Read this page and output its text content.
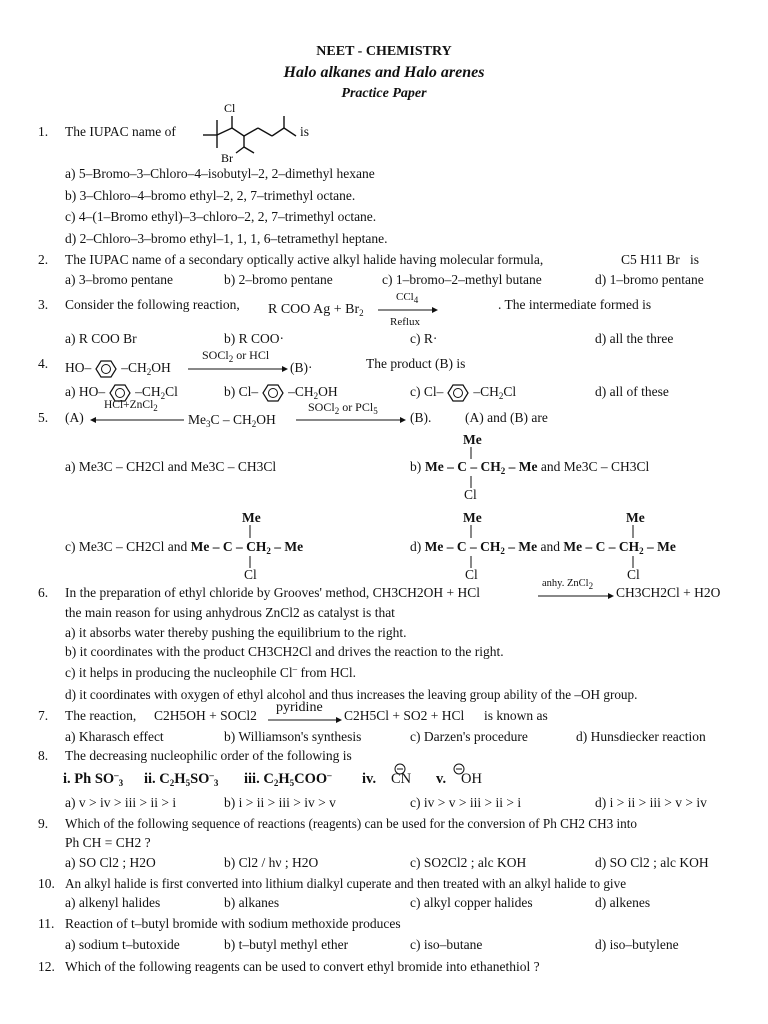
NEET - CHEMISTRY
Halo alkanes and Halo arenes
Practice Paper
1. The IUPAC name of
Cl
Br
is
a) 5–Bromo–3–Chloro–4–isobutyl–2, 2–dimethyl hexane
b) 3–Chloro–4–bromo ethyl–2, 2, 7–trimethyl octane.
c) 4–(1–Bromo ethyl)–3–chloro–2, 2, 7–trimethyl octane.
d) 2–Chloro–3–bromo ethyl–1, 1, 1, 6–tetramethyl heptane.
2. The IUPAC name of a secondary optically active alkyl halide having molecular formula,	C5 H11 Br is
a) 3–bromo pentane	b) 2–bromo pentane	c) 1–bromo–2–methyl butane	d) 1–bromo pentane
3. Consider the following reaction, R COO $Ag + Br_2$
CCl$_4$
Reflux
. The intermediate formed is
a) R COO Br	b) R COO·	c) R·	d) all the three
4. HO– $-CH_2OH$
SOCl$_2$ or HCl
(B)·	The product (B) is
a) HO– $-CH_2Cl$	b) Cl– $-CH_2OH$	c) Cl– $-CH_2Cl$	d) all of these
5. (A)
HCl+ZnCl$_2$
$Me_3C - CH_2OH$
SOCl$_2$ or PCl$_5$ (B). (A) and (B) are
a) Me3C – CH2Cl and Me3C – CH3Cl	b)
Me
Me – C – $CH_2$ – Me and Me3C – CH3Cl
Cl
c) Me3C – CH2Cl and Me – C – $CH_2$ – Me
Me
Cl
d) Me – C – $CH_2$ – Me and Me – C – $CH_2$ – Me
Me
Cl
Me
Cl
6. In the preparation of ethyl chloride by Grooves' method, CH3CH2OH + HCl
anhy. ZnCl$_2$ CH3CH2Cl + H2O
the main reason for using anhydrous ZnCl2 as catalyst is that
a) it absorbs water thereby pushing the equilibrium to the right.
b) it coordinates with the product CH3CH2Cl and drives the reaction to the right.
c) it helps in producing the nucleophile Cl– from HCl.
d) it coordinates with oxygen of ethyl alcohol and thus increases the leaving group ability of the –OH group.
7. The reaction, C2H5OH + SOCl2
pyridine
C2H5Cl + SO2 + HCl is known as
a) Kharasch effect	b) Williamson's synthesis	c) Darzen's procedure	d) Hunsdiecker reaction
8. The decreasing nucleophilic order of the following is
i. Ph $SO^-_3$ ii. $C_2H_5SO^-_3$ iii. $C_2H_5COO^-$ iv. CN v. OH
a) v > iv > iii > ii > i	b) i > ii > iii > iv > v	c) iv > v > iii > ii > i	d) i > ii > iii > v > iv
9. Which of the following sequence of reactions (reagents) can be used for the conversion of Ph CH2 CH3 into
Ph CH = CH2 ?
a) SO Cl2 ; H2O	b) Cl2 / hν ; H2O	c) SO2Cl2 ; alc KOH	d) SO Cl2 ; alc KOH
10. An alkyl halide is first converted into lithium dialkyl cuperate and then treated with an alkyl halide to give
a) alkenyl halides	b) alkanes	c) alkyl copper halides	d) alkenes
11. Reaction of t–butyl bromide with sodium methoxide produces
a) sodium t–butoxide	b) t–butyl methyl ether	c) iso–butane	d) iso–butylene
12. Which of the following reagents can be used to convert ethyl bromide into ethanethiol ?
